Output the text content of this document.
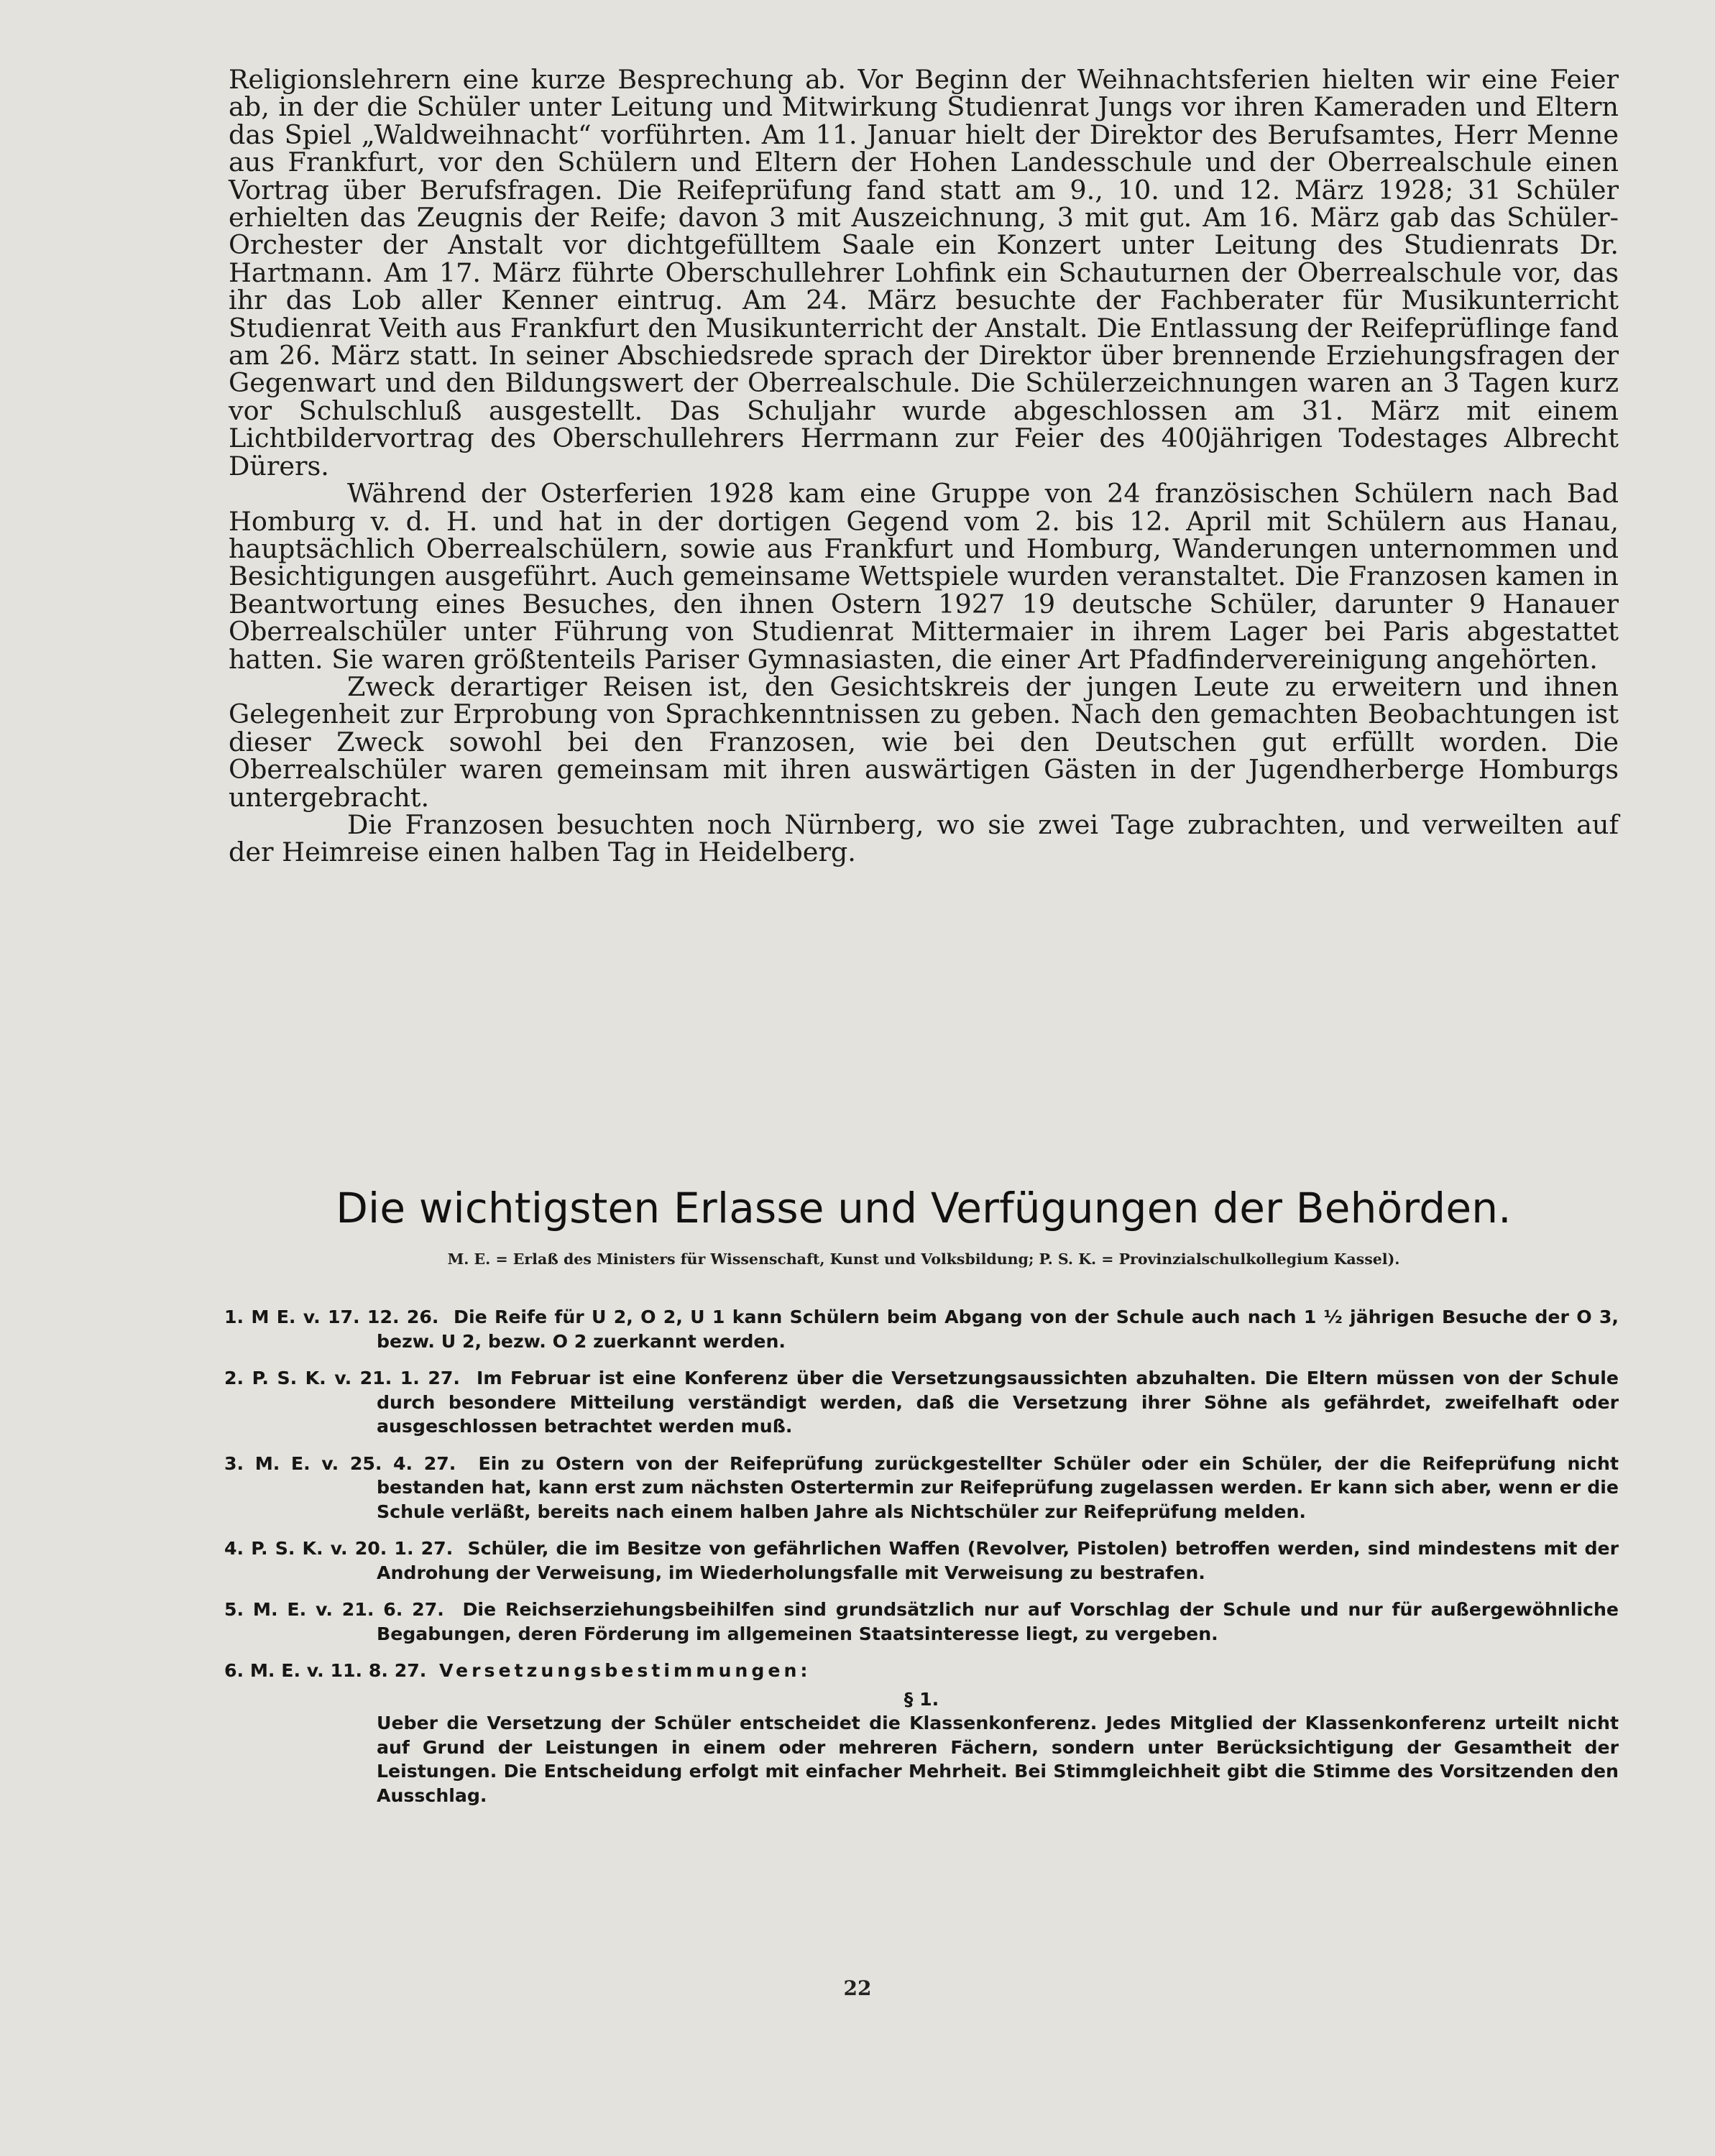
Religionslehrern eine kurze Besprechung ab. Vor Beginn der Weihnachtsferien hielten wir eine Feier ab, in der die Schüler unter Leitung und Mitwirkung Studienrat Jungs vor ihren Kameraden und Eltern das Spiel „Waldweihnacht“ vorführten. Am 11. Januar hielt der Direktor des Berufsamtes, Herr Menne aus Frankfurt, vor den Schülern und Eltern der Hohen Landesschule und der Oberrealschule einen Vortrag über Berufsfragen. Die Reifeprüfung fand statt am 9., 10. und 12. März 1928; 31 Schüler erhielten das Zeugnis der Reife; davon 3 mit Auszeichnung, 3 mit gut. Am 16. März gab das Schüler-Orchester der Anstalt vor dichtgefülltem Saale ein Konzert unter Leitung des Studienrats Dr. Hartmann. Am 17. März führte Oberschullehrer Lohfink ein Schauturnen der Oberrealschule vor, das ihr das Lob aller Kenner eintrug. Am 24. März besuchte der Fachberater für Musikunterricht Studienrat Veith aus Frankfurt den Musikunterricht der Anstalt. Die Entlassung der Reifeprüflinge fand am 26. März statt. In seiner Abschiedsrede sprach der Direktor über brennende Erziehungsfragen der Gegenwart und den Bildungswert der Oberrealschule. Die Schülerzeichnungen waren an 3 Tagen kurz vor Schulschluß ausgestellt. Das Schuljahr wurde abgeschlossen am 31. März mit einem Lichtbildervortrag des Oberschullehrers Herrmann zur Feier des 400jährigen Todestages Albrecht Dürers.

Während der Osterferien 1928 kam eine Gruppe von 24 französischen Schülern nach Bad Homburg v. d. H. und hat in der dortigen Gegend vom 2. bis 12. April mit Schülern aus Hanau, hauptsächlich Oberrealschülern, sowie aus Frankfurt und Homburg, Wanderungen unternommen und Besichtigungen ausgeführt. Auch gemeinsame Wettspiele wurden veranstaltet. Die Franzosen kamen in Beantwortung eines Besuches, den ihnen Ostern 1927 19 deutsche Schüler, darunter 9 Hanauer Oberrealschüler unter Führung von Studienrat Mittermaier in ihrem Lager bei Paris abgestattet hatten. Sie waren größtenteils Pariser Gymnasiasten, die einer Art Pfadfindervereinigung angehörten.

Zweck derartiger Reisen ist, den Gesichtskreis der jungen Leute zu erweitern und ihnen Gelegenheit zur Erprobung von Sprachkenntnissen zu geben. Nach den gemachten Beobachtungen ist dieser Zweck sowohl bei den Franzosen, wie bei den Deutschen gut erfüllt worden. Die Oberrealschüler waren gemeinsam mit ihren auswärtigen Gästen in der Jugendherberge Homburgs untergebracht.

Die Franzosen besuchten noch Nürnberg, wo sie zwei Tage zubrachten, und verweilten auf der Heimreise einen halben Tag in Heidelberg.

Die wichtigsten Erlasse und Verfügungen der Behörden.
M. E. = Erlaß des Ministers für Wissenschaft, Kunst und Volksbildung; P. S. K. = Provinzialschulkollegium Kassel).
1. M E. v. 17. 12. 26. Die Reife für U 2, O 2, U 1 kann Schülern beim Abgang von der Schule auch nach 1 ½ jährigen Besuche der O 3, bezw. U 2, bezw. O 2 zuerkannt werden.
2. P. S. K. v. 21. 1. 27. Im Februar ist eine Konferenz über die Versetzungsaussichten abzuhalten. Die Eltern müssen von der Schule durch besondere Mitteilung verständigt werden, daß die Versetzung ihrer Söhne als gefährdet, zweifelhaft oder ausgeschlossen betrachtet werden muß.
3. M. E. v. 25. 4. 27. Ein zu Ostern von der Reifeprüfung zurückgestellter Schüler oder ein Schüler, der die Reifeprüfung nicht bestanden hat, kann erst zum nächsten Ostertermin zur Reifeprüfung zugelassen werden. Er kann sich aber, wenn er die Schule verläßt, bereits nach einem halben Jahre als Nichtschüler zur Reifeprüfung melden.
4. P. S. K. v. 20. 1. 27. Schüler, die im Besitze von gefährlichen Waffen (Revolver, Pistolen) betroffen werden, sind mindestens mit der Androhung der Verweisung, im Wiederholungsfalle mit Verweisung zu bestrafen.
5. M. E. v. 21. 6. 27. Die Reichserziehungsbeihilfen sind grundsätzlich nur auf Vorschlag der Schule und nur für außergewöhnliche Begabungen, deren Förderung im allgemeinen Staatsinteresse liegt, zu vergeben.
6. M. E. v. 11. 8. 27. Versetzungsbestimmungen:
§ 1.
Ueber die Versetzung der Schüler entscheidet die Klassenkonferenz. Jedes Mitglied der Klassenkonferenz urteilt nicht auf Grund der Leistungen in einem oder mehreren Fächern, sondern unter Berücksichtigung der Gesamtheit der Leistungen. Die Entscheidung erfolgt mit einfacher Mehrheit. Bei Stimmgleichheit gibt die Stimme des Vorsitzenden den Ausschlag.
22
